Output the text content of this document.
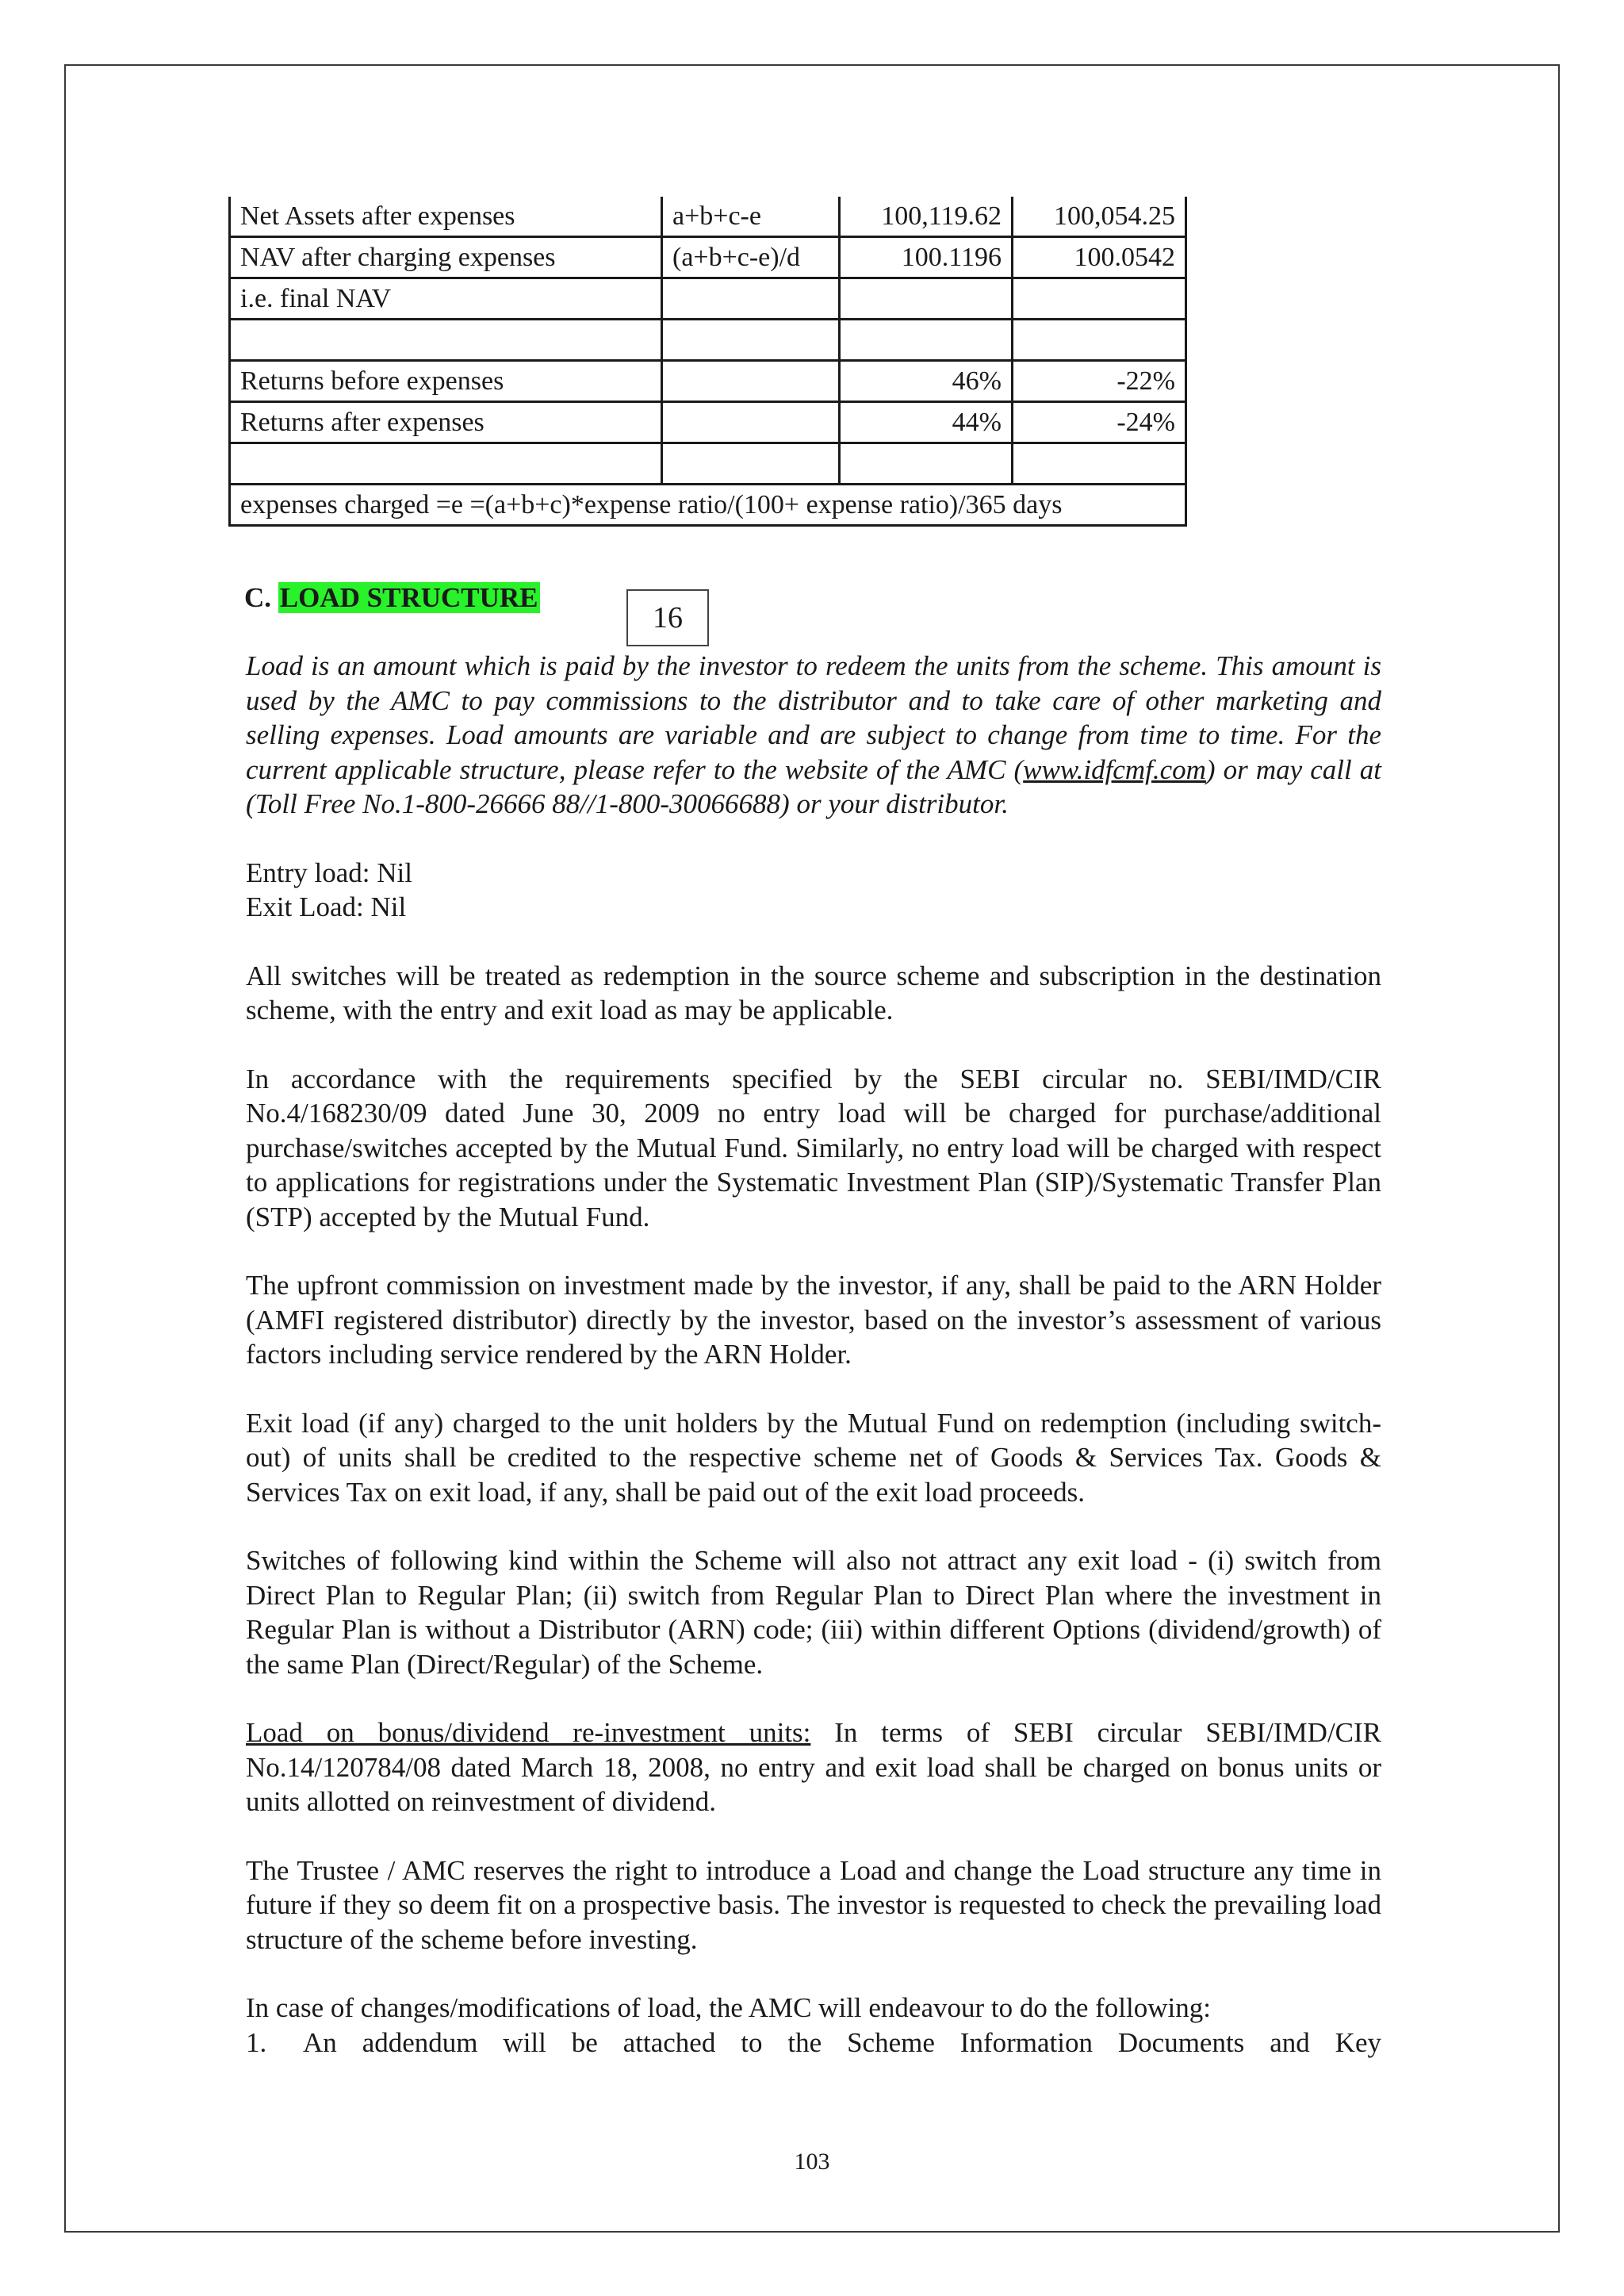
Net Assets after expenses	a+b+c-e	100,119.62	100,054.25
NAV after charging expenses	(a+b+c-e)/d	100.1196	100.0542
i.e. final NAV			

Returns before expenses		46%	-22%
Returns after expenses		44%	-24%

expenses charged =e =(a+b+c)*expense ratio/(100+ expense ratio)/365 days			
C. LOAD STRUCTURE
16

Load is an amount which is paid by the investor to redeem the units from the scheme. This amount is used by the AMC to pay commissions to the distributor and to take care of other marketing and selling expenses. Load amounts are variable and are subject to change from time to time. For the current applicable structure, please refer to the website of the AMC (www.idfcmf.com) or may call at (Toll Free No.1-800-26666 88//1-800-30066688) or your distributor.

Entry load: Nil
Exit Load: Nil

All switches will be treated as redemption in the source scheme and subscription in the destination scheme, with the entry and exit load as may be applicable.

In accordance with the requirements specified by the SEBI circular no. SEBI/IMD/CIR No.4/168230/09 dated June 30, 2009 no entry load will be charged for purchase/additional purchase/switches accepted by the Mutual Fund. Similarly, no entry load will be charged with respect to applications for registrations under the Systematic Investment Plan (SIP)/Systematic Transfer Plan (STP) accepted by the Mutual Fund.

The upfront commission on investment made by the investor, if any, shall be paid to the ARN Holder (AMFI registered distributor) directly by the investor, based on the investor’s assessment of various factors including service rendered by the ARN Holder.

Exit load (if any) charged to the unit holders by the Mutual Fund on redemption (including switch-out) of units shall be credited to the respective scheme net of Goods & Services Tax. Goods & Services Tax on exit load, if any, shall be paid out of the exit load proceeds.

Switches of following kind within the Scheme will also not attract any exit load - (i) switch from Direct Plan to Regular Plan; (ii) switch from Regular Plan to Direct Plan where the investment in Regular Plan is without a Distributor (ARN) code; (iii) within different Options (dividend/growth) of the same Plan (Direct/Regular) of the Scheme.

Load on bonus/dividend re-investment units: In terms of SEBI circular SEBI/IMD/CIR No.14/120784/08 dated March 18, 2008, no entry and exit load shall be charged on bonus units or units allotted on reinvestment of dividend.

The Trustee / AMC reserves the right to introduce a Load and change the Load structure any time in future if they so deem fit on a prospective basis. The investor is requested to check the prevailing load structure of the scheme before investing.

In case of changes/modifications of load, the AMC will endeavour to do the following:

1.	An addendum will be attached to the Scheme Information Documents and Key
103
